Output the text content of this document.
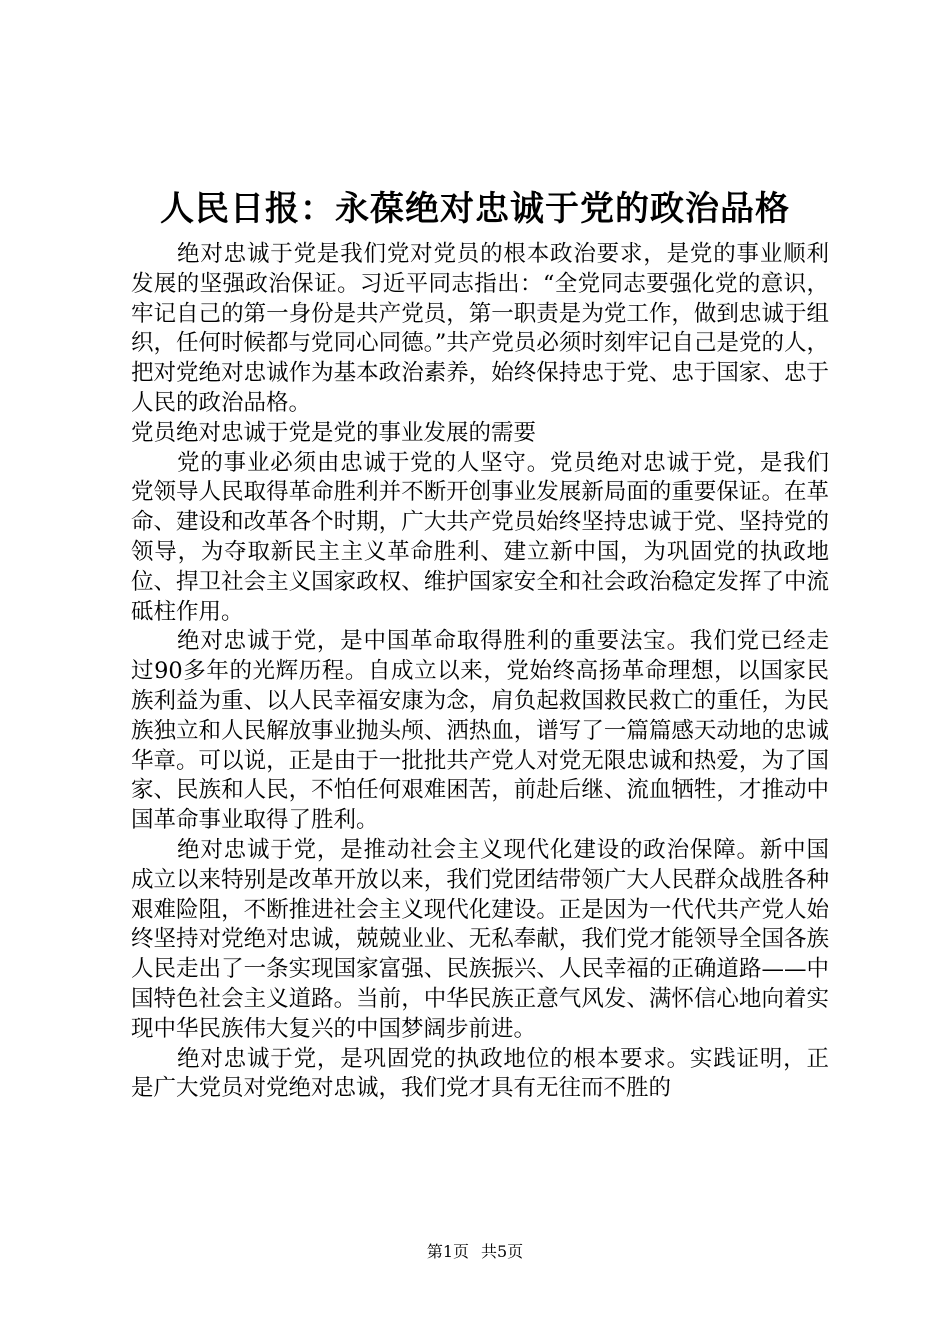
人民日报：永葆绝对忠诚于党的政治品格

绝对忠诚于党是我们党对党员的根本政治要求，是党的事业顺利发展的坚强政治保证。习近平同志指出：“全党同志要强化党的意识，牢记自己的第一身份是共产党员，第一职责是为党工作，做到忠诚于组织，任何时候都与党同心同德。”共产党员必须时刻牢记自己是党的人，把对党绝对忠诚作为基本政治素养，始终保持忠于党、忠于国家、忠于人民的政治品格。

党员绝对忠诚于党是党的事业发展的需要

党的事业必须由忠诚于党的人坚守。党员绝对忠诚于党，是我们党领导人民取得革命胜利并不断开创事业发展新局面的重要保证。在革命、建设和改革各个时期，广大共产党员始终坚持忠诚于党、坚持党的领导，为夺取新民主主义革命胜利、建立新中国，为巩固党的执政地位、捍卫社会主义国家政权、维护国家安全和社会政治稳定发挥了中流砥柱作用。

绝对忠诚于党，是中国革命取得胜利的重要法宝。我们党已经走过90多年的光辉历程。自成立以来，党始终高扬革命理想，以国家民族利益为重、以人民幸福安康为念，肩负起救国救民救亡的重任，为民族独立和人民解放事业抛头颅、洒热血，谱写了一篇篇感天动地的忠诚华章。可以说，正是由于一批批共产党人对党无限忠诚和热爱，为了国家、民族和人民，不怕任何艰难困苦，前赴后继、流血牺牲，才推动中国革命事业取得了胜利。

绝对忠诚于党，是推动社会主义现代化建设的政治保障。新中国成立以来特别是改革开放以来，我们党团结带领广大人民群众战胜各种艰难险阻，不断推进社会主义现代化建设。正是因为一代代共产党人始终坚持对党绝对忠诚，兢兢业业、无私奉献，我们党才能领导全国各族人民走出了一条实现国家富强、民族振兴、人民幸福的正确道路——中国特色社会主义道路。当前，中华民族正意气风发、满怀信心地向着实现中华民族伟大复兴的中国梦阔步前进。

绝对忠诚于党，是巩固党的执政地位的根本要求。实践证明，正是广大党员对党绝对忠诚，我们党才具有无往而不胜的

第1页 共5页
